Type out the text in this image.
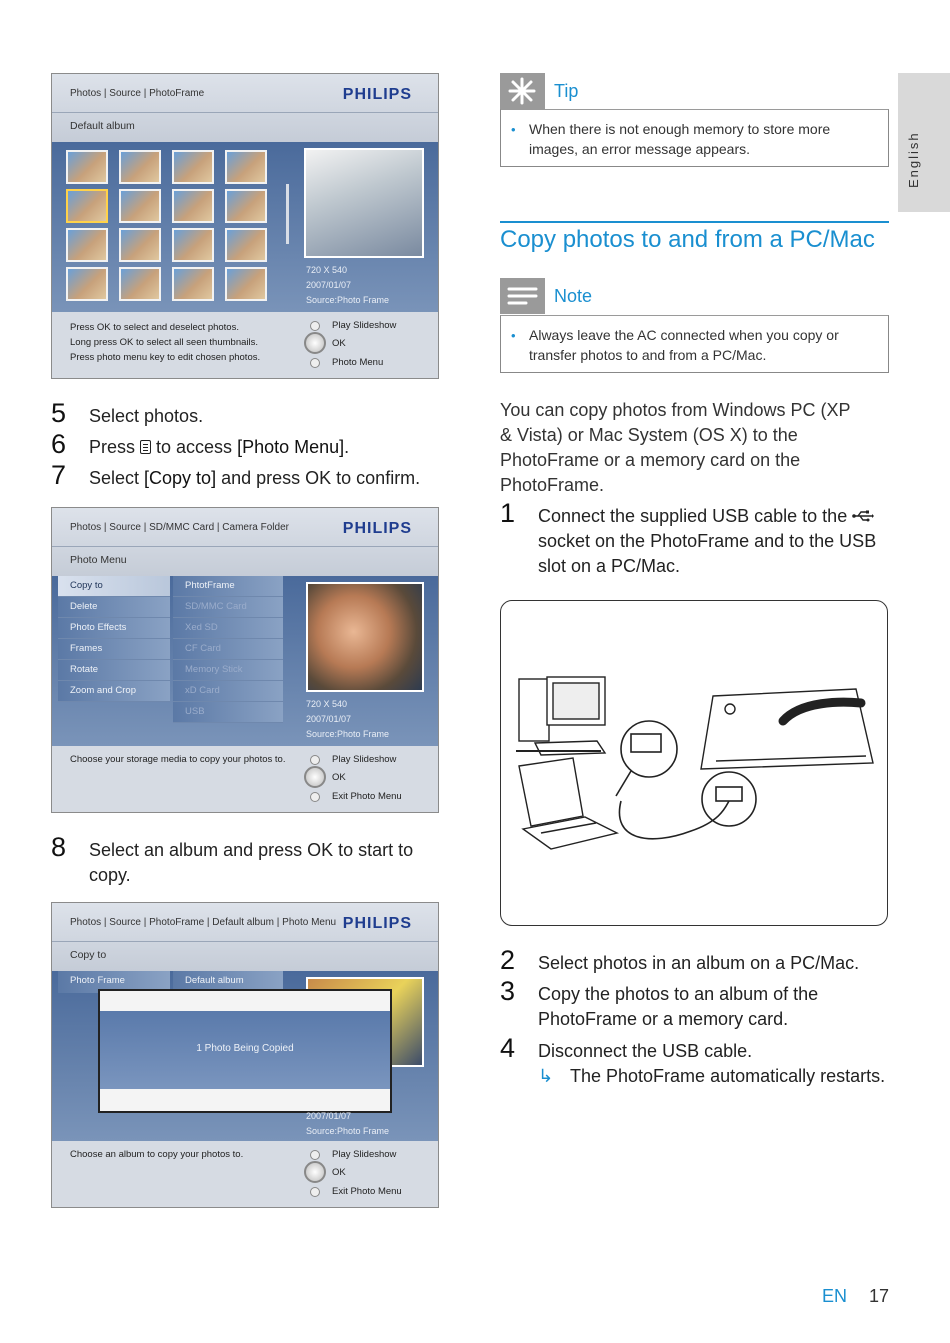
English
Photos | Source | PhotoFrame	PHILIPS
Default album
720 X 540
2007/01/07
Source:Photo Frame
Press OK to select and deselect photos.
Long press OK to select all seen thumbnails.
Press photo menu key to edit chosen photos.
Play Slideshow
OK
Photo Menu
5 Select photos.
6 Press
to access [Photo Menu].
7 Select [Copy to] and press OK to confirm.
Photos | Source | SD/MMC Card | Camera Folder	PHILIPS
Photo Menu
Copy to
Delete
Photo Effects
Frames
Rotate
Zoom and Crop
PhtotFrame
SD/MMC Card
Xed SD
CF Card
Memory Stick
xD Card
USB
720 X 540
2007/01/07
Source:Photo Frame
Choose your storage media to copy your photos to.	Play Slideshow
OK
Exit Photo Menu
8 Select an album and press OK to start to copy.
Photos | Source | PhotoFrame | Default album | Photo Menu PHILIPS
Copy to
Photo Frame	Default album
1 Photo Being Copied
2007/01/07
Source:Photo Frame
Choose an album to copy your photos to.	Play Slideshow
OK
Exit Photo Menu
Tip
• When there is not enough memory to store more images, an error message appears.
Copy photos to and from a PC/Mac
Note
• Always leave the AC connected when you copy or transfer photos to and from a PC/Mac.
You can copy photos from Windows PC (XP & Vista) or Mac System (OS X) to the PhotoFrame or a memory card on the PhotoFrame.
1 Connect the supplied USB cable to the  socket on the PhotoFrame and to the USB slot on a PC/Mac.
2 Select photos in an album on a PC/Mac.
3 Copy the photos to an album of the PhotoFrame or a memory card.
4 Disconnect the USB cable.
↳ The PhotoFrame automatically restarts.
EN 17
